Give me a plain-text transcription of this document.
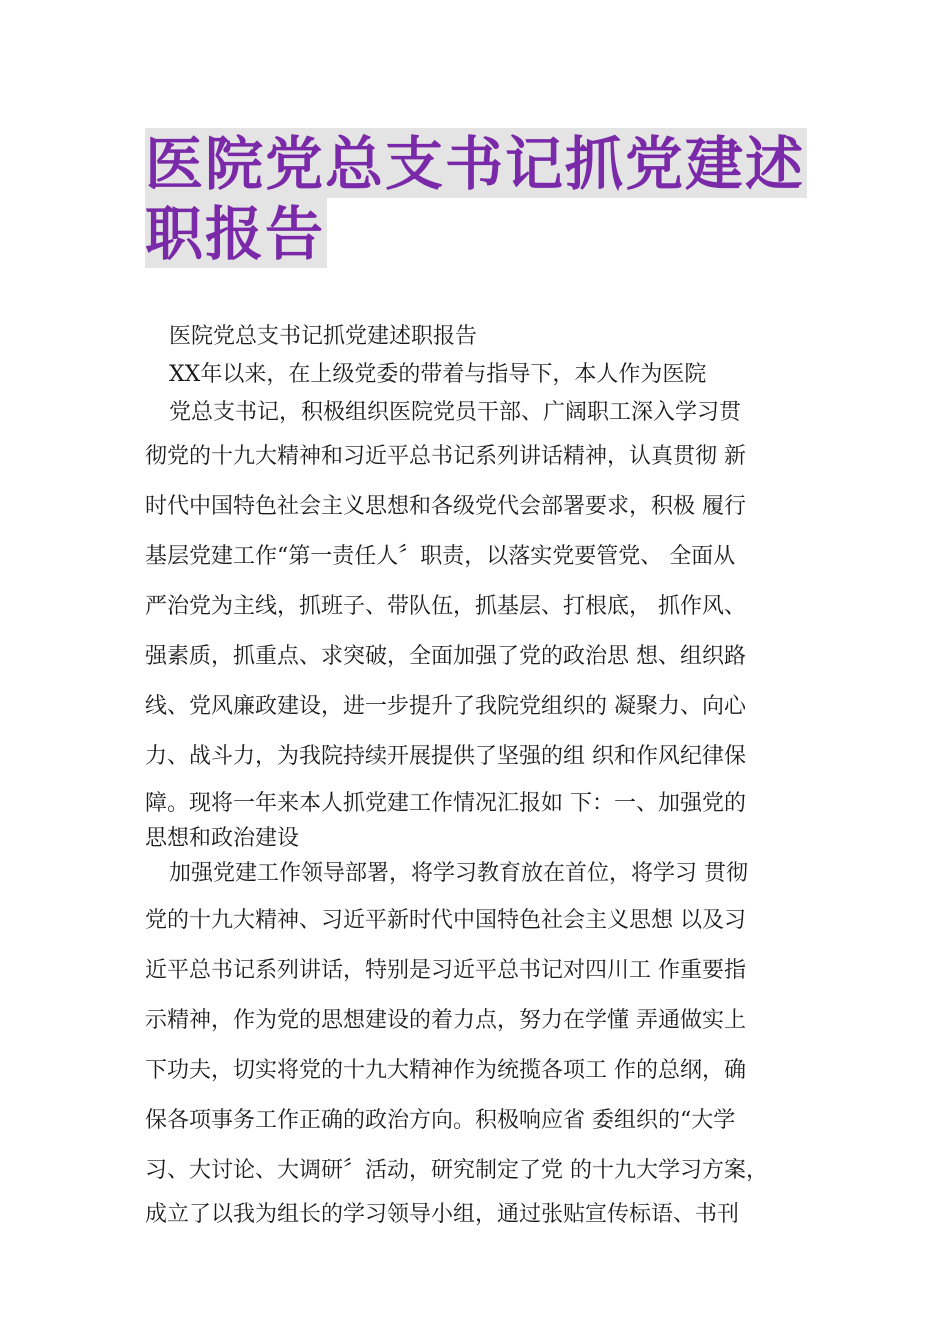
医院党总支书记抓党建述
职报告
医院党总支书记抓党建述职报告
XX年以来，在上级党委的带着与指导下，本人作为医院
党总支书记，积极组织医院党员干部、广阔职工深入学习贯
彻党的十九大精神和习近平总书记系列讲话精神，认真贯彻 新
时代中国特色社会主义思想和各级党代会部署要求，积极 履行
基层党建工作“第一责任人〞职责，以落实党要管党、 全面从
严治党为主线，抓班子、带队伍，抓基层、打根底， 抓作风、
强素质，抓重点、求突破，全面加强了党的政治思 想、组织路
线、党风廉政建设，进一步提升了我院党组织的 凝聚力、向心
力、战斗力，为我院持续开展提供了坚强的组 织和作风纪律保
障。现将一年来本人抓党建工作情况汇报如 下：一、加强党的
思想和政治建设
加强党建工作领导部署，将学习教育放在首位，将学习 贯彻
党的十九大精神、习近平新时代中国特色社会主义思想 以及习
近平总书记系列讲话，特别是习近平总书记对四川工 作重要指
示精神，作为党的思想建设的着力点，努力在学懂 弄通做实上
下功夫，切实将党的十九大精神作为统揽各项工 作的总纲，确
保各项事务工作正确的政治方向。积极响应省 委组织的“大学
习、大讨论、大调研〞活动，研究制定了党 的十九大学习方案，
成立了以我为组长的学习领导小组，通过张贴宣传标语、书刊
